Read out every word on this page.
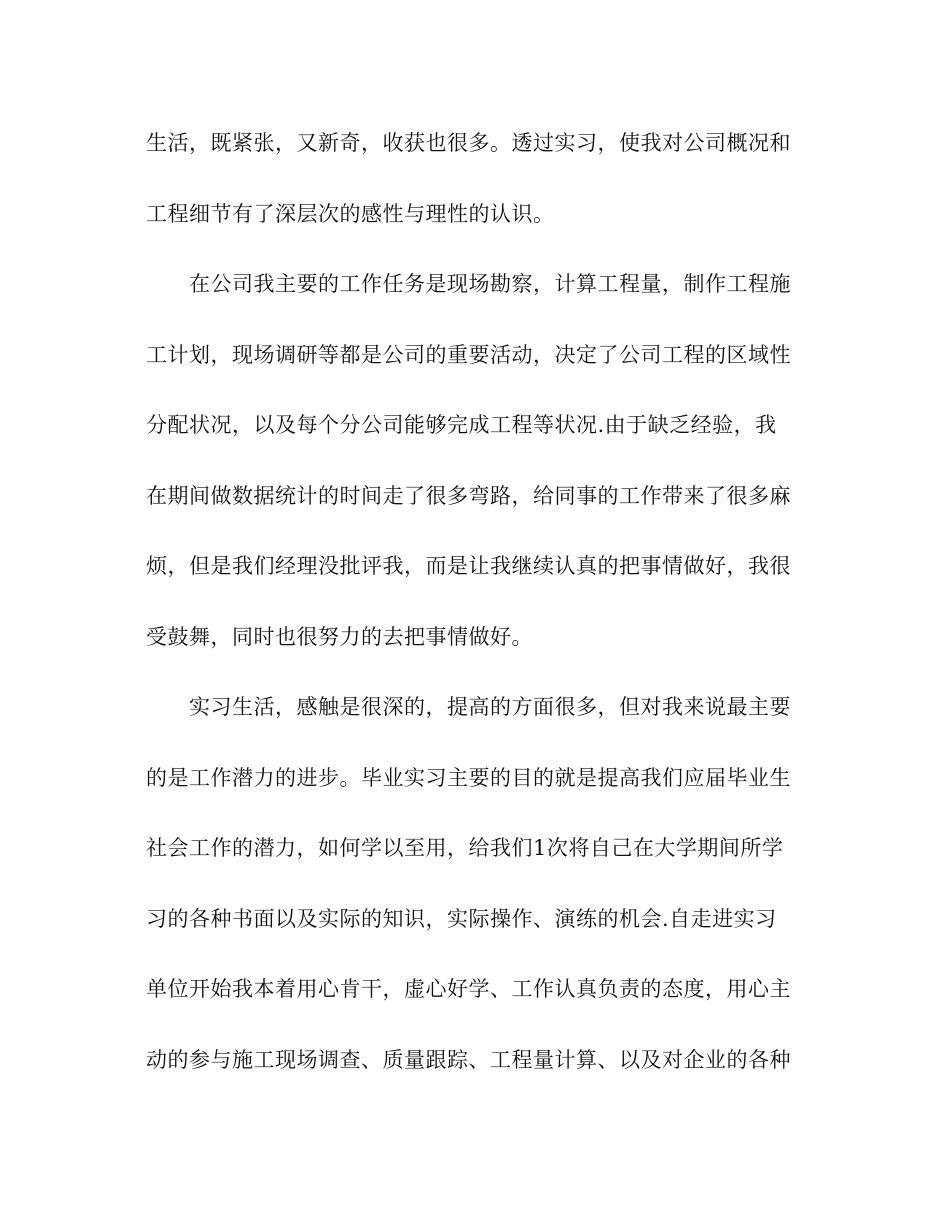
生活，既紧张，又新奇，收获也很多。透过实习，使我对公司概况和
工程细节有了深层次的感性与理性的认识。
在公司我主要的工作任务是现场勘察，计算工程量，制作工程施
工计划，现场调研等都是公司的重要活动，决定了公司工程的区域性
分配状况，以及每个分公司能够完成工程等状况.由于缺乏经验，我
在期间做数据统计的时间走了很多弯路，给同事的工作带来了很多麻
烦，但是我们经理没批评我，而是让我继续认真的把事情做好，我很
受鼓舞，同时也很努力的去把事情做好。
实习生活，感触是很深的，提高的方面很多，但对我来说最主要
的是工作潜力的进步。毕业实习主要的目的就是提高我们应届毕业生
社会工作的潜力，如何学以至用，给我们1次将自己在大学期间所学
习的各种书面以及实际的知识，实际操作、演练的机会.自走进实习
单位开始我本着用心肯干，虚心好学、工作认真负责的态度，用心主
动的参与施工现场调查、质量跟踪、工程量计算、以及对企业的各种
